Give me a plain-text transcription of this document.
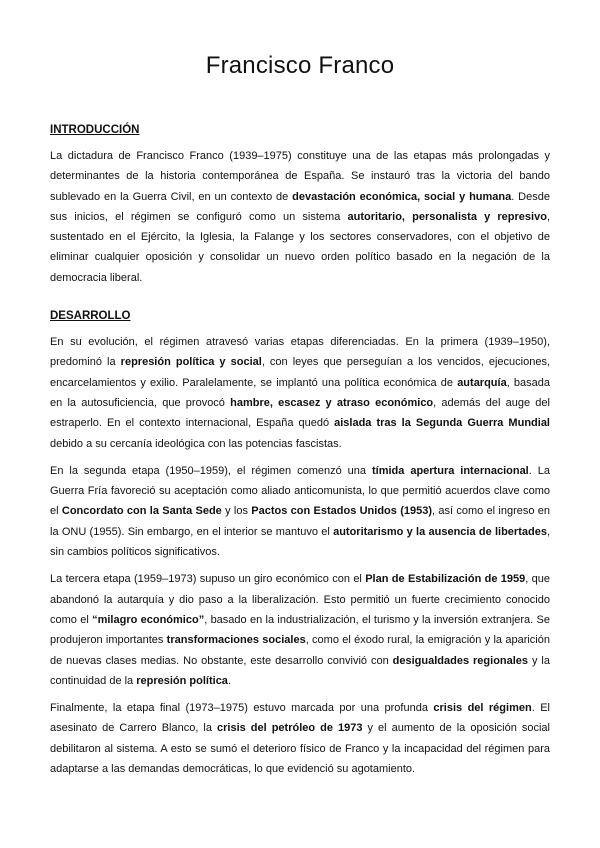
Francisco Franco
INTRODUCCIÓN

La dictadura de Francisco Franco (1939–1975) constituye una de las etapas más prolongadas y determinantes de la historia contemporánea de España. Se instauró tras la victoria del bando sublevado en la Guerra Civil, en un contexto de devastación económica, social y humana. Desde sus inicios, el régimen se configuró como un sistema autoritario, personalista y represivo, sustentado en el Ejército, la Iglesia, la Falange y los sectores conservadores, con el objetivo de eliminar cualquier oposición y consolidar un nuevo orden político basado en la negación de la democracia liberal.

DESARROLLO

En su evolución, el régimen atravesó varias etapas diferenciadas. En la primera (1939–1950), predominó la represión política y social, con leyes que perseguían a los vencidos, ejecuciones, encarcelamientos y exilio. Paralelamente, se implantó una política económica de autarquía, basada en la autosuficiencia, que provocó hambre, escasez y atraso económico, además del auge del estraperlo. En el contexto internacional, España quedó aislada tras la Segunda Guerra Mundial debido a su cercanía ideológica con las potencias fascistas.

En la segunda etapa (1950–1959), el régimen comenzó una tímida apertura internacional. La Guerra Fría favoreció su aceptación como aliado anticomunista, lo que permitió acuerdos clave como el Concordato con la Santa Sede y los Pactos con Estados Unidos (1953), así como el ingreso en la ONU (1955). Sin embargo, en el interior se mantuvo el autoritarismo y la ausencia de libertades, sin cambios políticos significativos.

La tercera etapa (1959–1973) supuso un giro económico con el Plan de Estabilización de 1959, que abandonó la autarquía y dio paso a la liberalización. Esto permitió un fuerte crecimiento conocido como el “milagro económico”, basado en la industrialización, el turismo y la inversión extranjera. Se produjeron importantes transformaciones sociales, como el éxodo rural, la emigración y la aparición de nuevas clases medias. No obstante, este desarrollo convivió con desigualdades regionales y la continuidad de la represión política.

Finalmente, la etapa final (1973–1975) estuvo marcada por una profunda crisis del régimen. El asesinato de Carrero Blanco, la crisis del petróleo de 1973 y el aumento de la oposición social debilitaron al sistema. A esto se sumó el deterioro físico de Franco y la incapacidad del régimen para adaptarse a las demandas democráticas, lo que evidenció su agotamiento.
